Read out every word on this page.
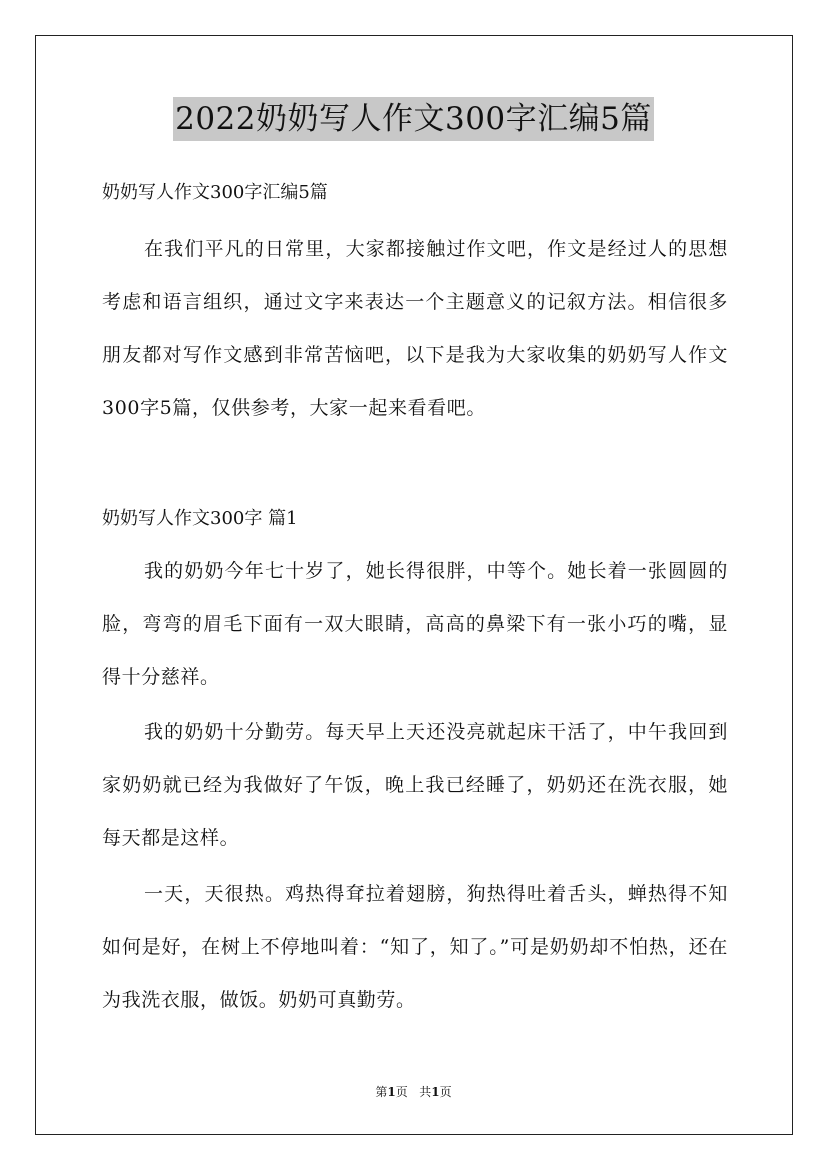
2022奶奶写人作文300字汇编5篇
奶奶写人作文300字汇编5篇

在我们平凡的日常里，大家都接触过作文吧，作文是经过人的思想考虑和语言组织，通过文字来表达一个主题意义的记叙方法。相信很多朋友都对写作文感到非常苦恼吧，以下是我为大家收集的奶奶写人作文300字5篇，仅供参考，大家一起来看看吧。

奶奶写人作文300字 篇1

我的奶奶今年七十岁了，她长得很胖，中等个。她长着一张圆圆的脸，弯弯的眉毛下面有一双大眼睛，高高的鼻梁下有一张小巧的嘴，显得十分慈祥。

我的奶奶十分勤劳。每天早上天还没亮就起床干活了，中午我回到家奶奶就已经为我做好了午饭，晚上我已经睡了，奶奶还在洗衣服，她每天都是这样。

一天，天很热。鸡热得耷拉着翅膀，狗热得吐着舌头，蝉热得不知如何是好，在树上不停地叫着：“知了，知了。”可是奶奶却不怕热，还在为我洗衣服，做饭。奶奶可真勤劳。

第1页 共1页
